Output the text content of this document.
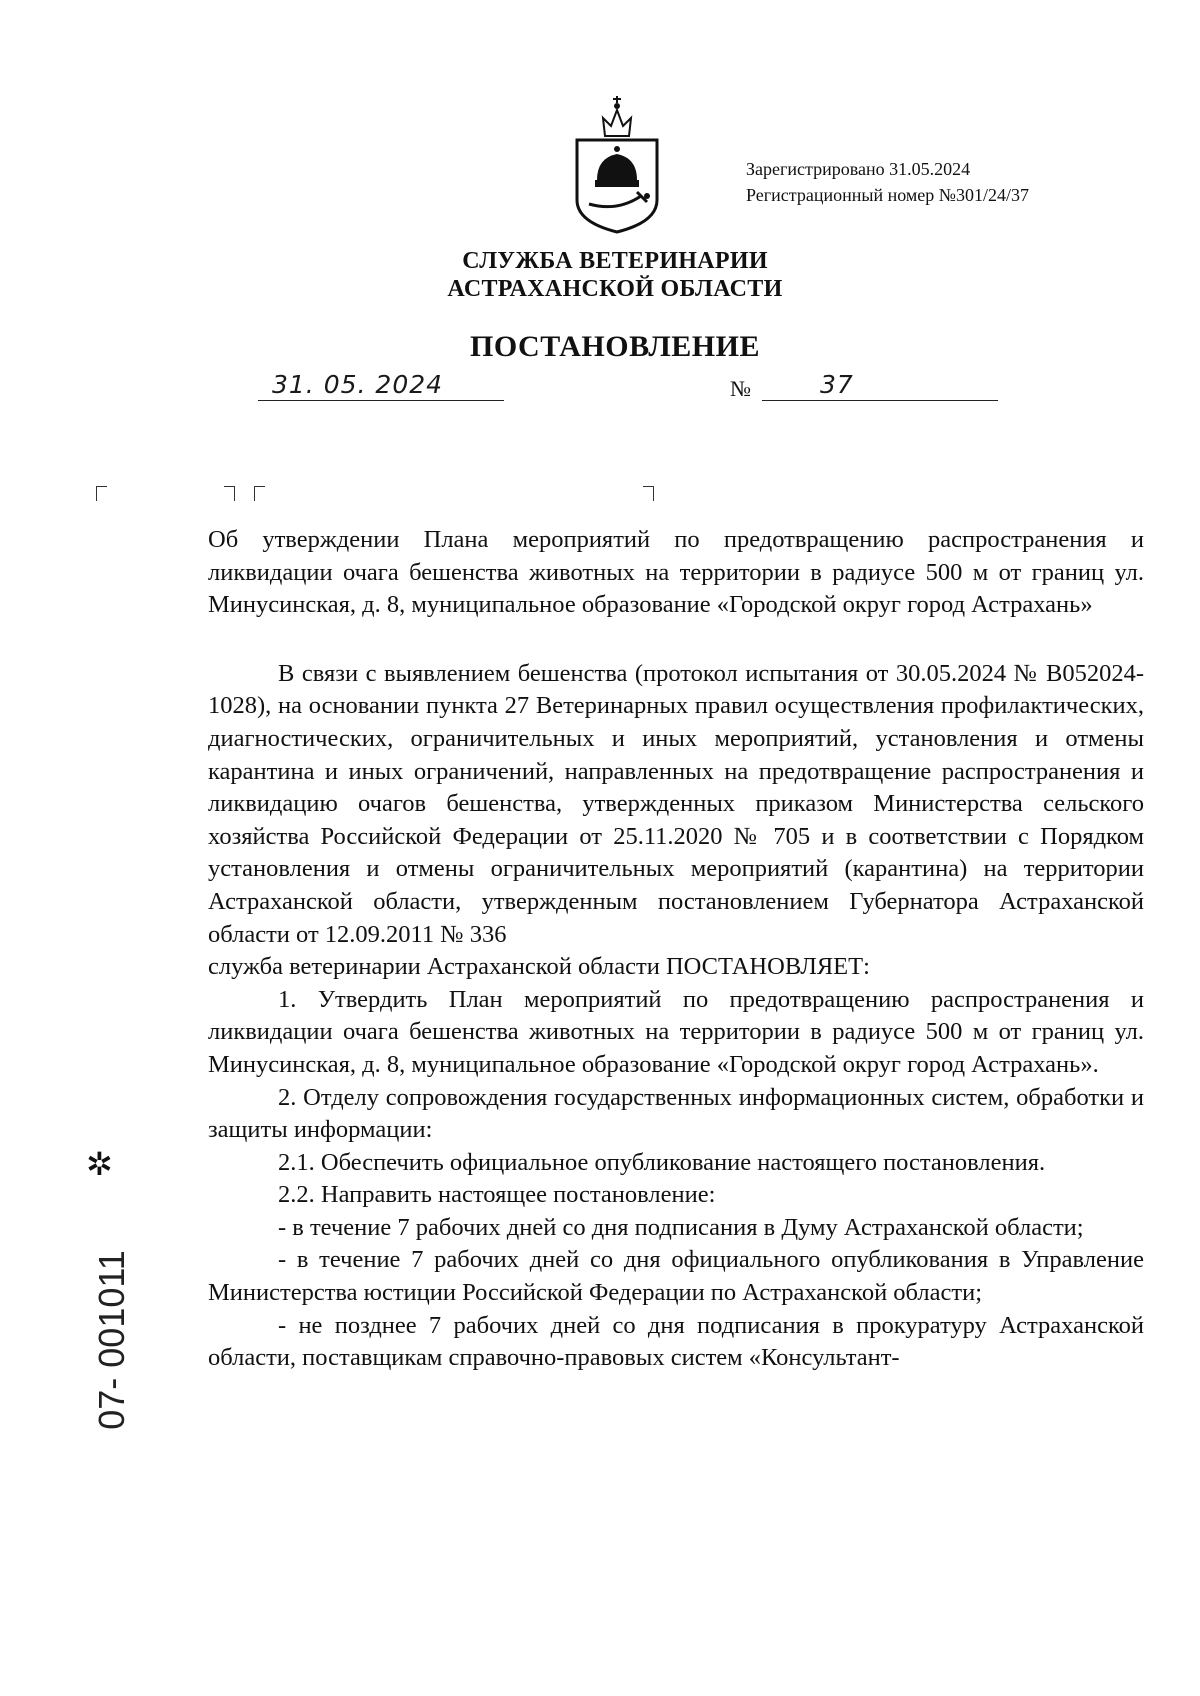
Зарегистрировано 31.05.2024
Регистрационный номер №301/24/37
СЛУЖБА ВЕТЕРИНАРИИ
АСТРАХАНСКОЙ ОБЛАСТИ
ПОСТАНОВЛЕНИЕ
31. 05. 2024	№	37

Об утверждении Плана мероприятий по предотвращению распространения и ликвидации очага бешенства животных на территории в радиусе 500 м от границ ул. Минусинская, д. 8, муниципальное образование «Городской округ город Астрахань»

В связи с выявлением бешенства (протокол испытания от 30.05.2024 № В052024-1028), на основании пункта 27 Ветеринарных правил осуществления профилактических, диагностических, ограничительных и иных мероприятий, установления и отмены карантина и иных ограничений, направленных на предотвращение распространения и ликвидацию очагов бешенства, утвержденных приказом Министерства сельского хозяйства Российской Федерации от 25.11.2020 № 705 и в соответствии с Порядком установления и отмены ограничительных мероприятий (карантина) на территории Астраханской области, утвержденным постановлением Губернатора Астраханской области от 12.09.2011 № 336

служба ветеринарии Астраханской области ПОСТАНОВЛЯЕТ:

1. Утвердить План мероприятий по предотвращению распространения и ликвидации очага бешенства животных на территории в радиусе 500 м от границ ул. Минусинская, д. 8, муниципальное образование «Городской округ город Астрахань».

2. Отделу сопровождения государственных информационных систем, обработки и защиты информации:

2.1. Обеспечить официальное опубликование настоящего постановления.

2.2. Направить настоящее постановление:

- в течение 7 рабочих дней со дня подписания в Думу Астраханской области;

- в течение 7 рабочих дней со дня официального опубликования в Управление Министерства юстиции Российской Федерации по Астраханской области;

- не позднее 7 рабочих дней со дня подписания в прокуратуру Астраханской области, поставщикам справочно-правовых систем «Консультант-

✲
07- 001011
